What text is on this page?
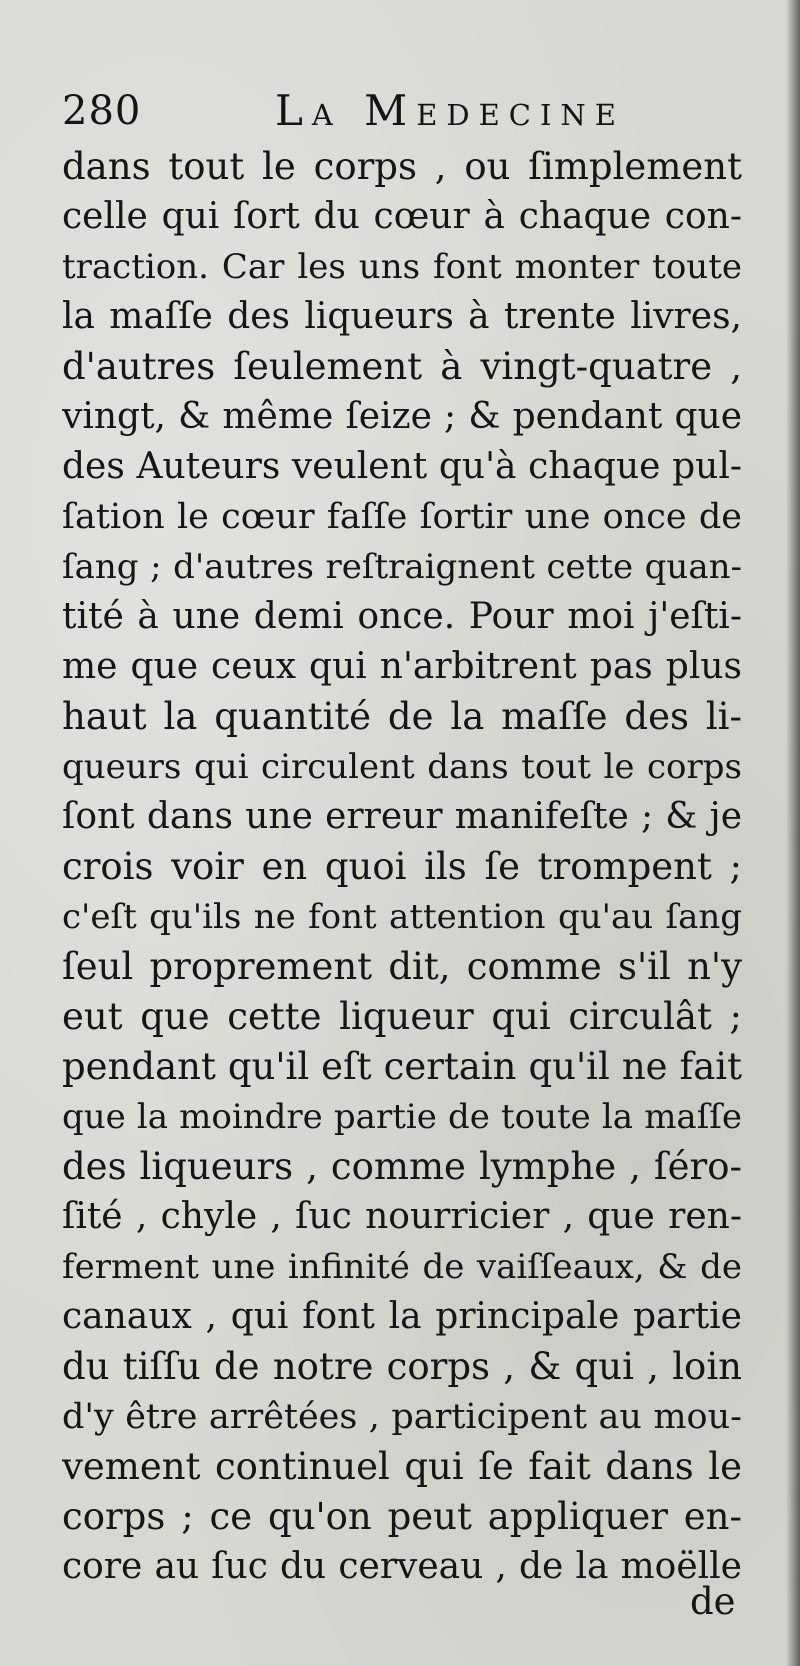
280	La Medecine
dans tout le corps , ou ſimplement
celle qui ſort du cœur à chaque con-
traction. Car les uns font monter toute
la maſſe des liqueurs à trente livres,
d'autres ſeulement à vingt-quatre ,
vingt, & même ſeize ; & pendant que
des Auteurs veulent qu'à chaque pul-
ſation le cœur faſſe ſortir une once de
ſang ; d'autres reſtraignent cette quan-
tité à une demi once. Pour moi j'eſti-
me que ceux qui n'arbitrent pas plus
haut la quantité de la maſſe des li-
queurs qui circulent dans tout le corps
ſont dans une erreur manifeſte ; & je
crois voir en quoi ils ſe trompent ;
c'eſt qu'ils ne font attention qu'au ſang
ſeul proprement dit, comme s'il n'y
eut que cette liqueur qui circulât ;
pendant qu'il eſt certain qu'il ne fait
que la moindre partie de toute la maſſe
des liqueurs , comme lymphe , ſéro-
ſité , chyle , ſuc nourricier , que ren-
ferment une infinité de vaiſſeaux, & de
canaux , qui font la principale partie
du tiſſu de notre corps , & qui , loin
d'y être arrêtées , participent au mou-
vement continuel qui ſe fait dans le
corps ; ce qu'on peut appliquer en-
core au ſuc du cerveau , de la moëlle
de
